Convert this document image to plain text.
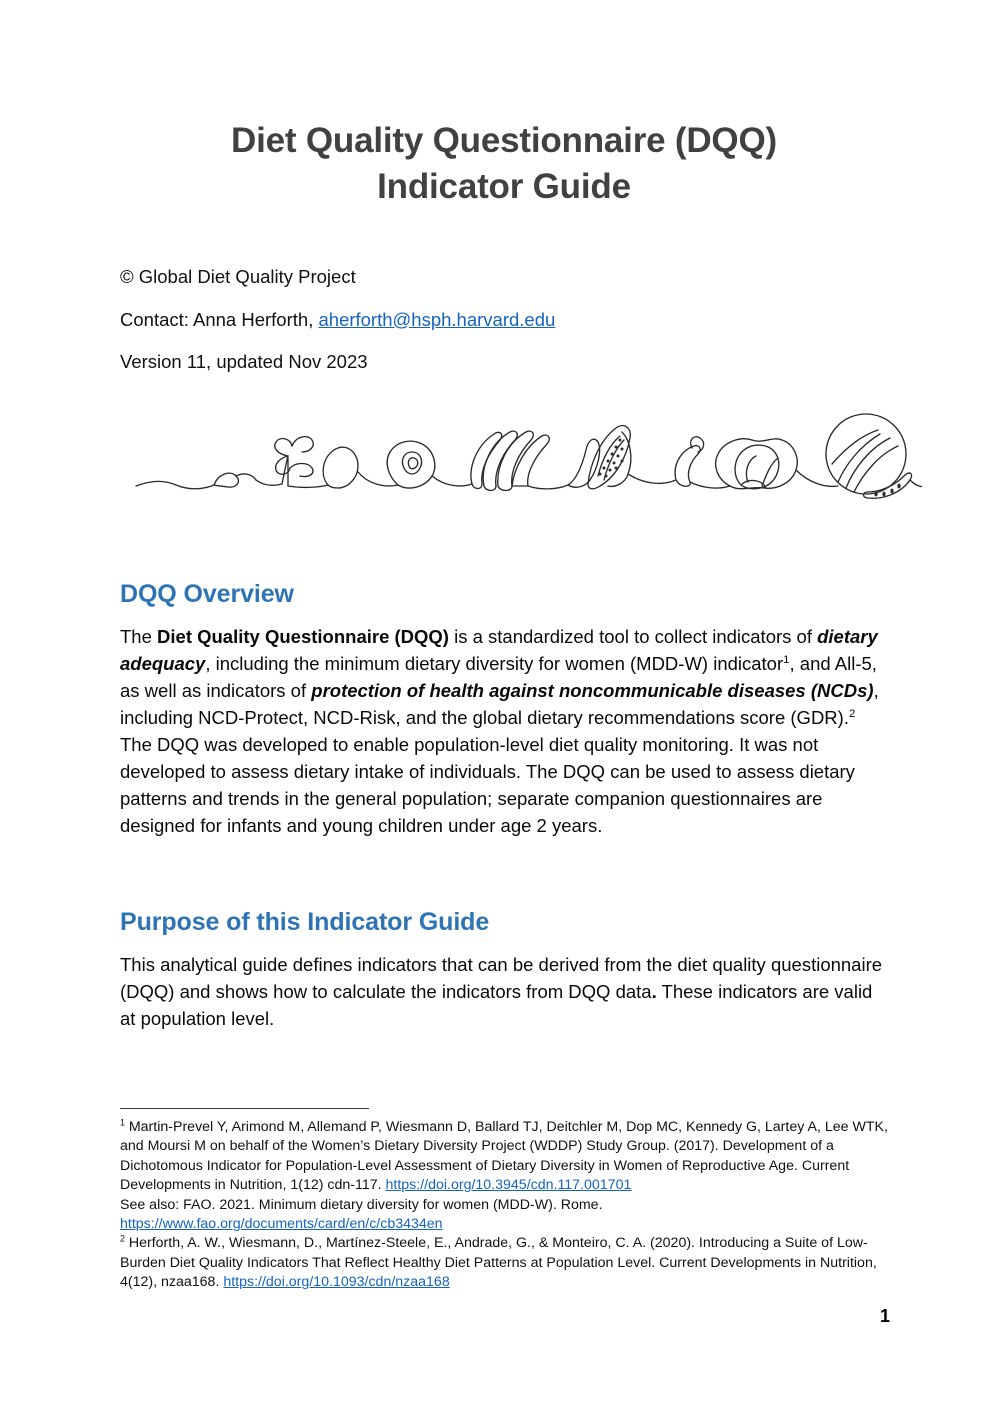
Diet Quality Questionnaire (DQQ)
Indicator Guide

© Global Diet Quality Project

Contact: Anna Herforth, aherforth@hsph.harvard.edu

Version 11, updated Nov 2023

DQQ Overview

The Diet Quality Questionnaire (DQQ) is a standardized tool to collect indicators of dietary adequacy, including the minimum dietary diversity for women (MDD-W) indicator$^1$, and All-5, as well as indicators of protection of health against noncommunicable diseases (NCDs), including NCD-Protect, NCD-Risk, and the global dietary recommendations score (GDR).$^2$ The DQQ was developed to enable population-level diet quality monitoring. It was not developed to assess dietary intake of individuals. The DQQ can be used to assess dietary patterns and trends in the general population; separate companion questionnaires are designed for infants and young children under age 2 years.

Purpose of this Indicator Guide

This analytical guide defines indicators that can be derived from the diet quality questionnaire (DQQ) and shows how to calculate the indicators from DQQ data. These indicators are valid at population level.

$^1$ Martin-Prevel Y, Arimond M, Allemand P, Wiesmann D, Ballard TJ, Deitchler M, Dop MC, Kennedy G, Lartey A, Lee WTK, and Moursi M on behalf of the Women’s Dietary Diversity Project (WDDP) Study Group. (2017). Development of a Dichotomous Indicator for Population-Level Assessment of Dietary Diversity in Women of Reproductive Age. Current Developments in Nutrition, 1(12) cdn-117. https://doi.org/10.3945/cdn.117.001701
See also: FAO. 2021. Minimum dietary diversity for women (MDD-W). Rome.
https://www.fao.org/documents/card/en/c/cb3434en

$^2$ Herforth, A. W., Wiesmann, D., Martínez-Steele, E., Andrade, G., & Monteiro, C. A. (2020). Introducing a Suite of Low-Burden Diet Quality Indicators That Reflect Healthy Diet Patterns at Population Level. Current Developments in Nutrition, 4(12), nzaa168. https://doi.org/10.1093/cdn/nzaa168

1
